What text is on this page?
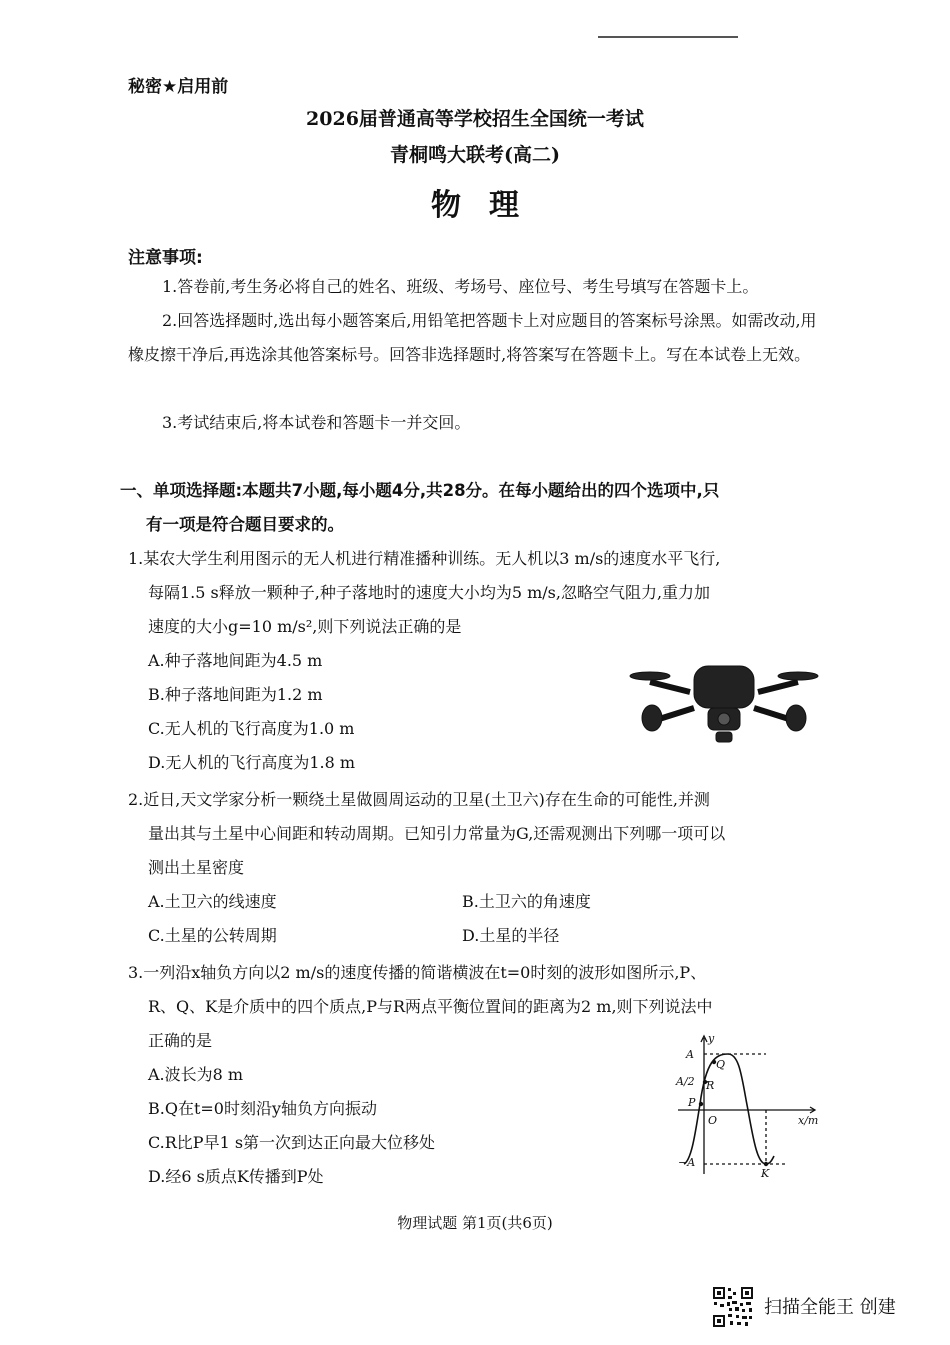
秘密★启用前
2026届普通高等学校招生全国统一考试
青桐鸣大联考(高二)
物理
注意事项:
1.答卷前,考生务必将自己的姓名、班级、考场号、座位号、考生号填写在答题卡上。
2.回答选择题时,选出每小题答案后,用铅笔把答题卡上对应题目的答案标号涂黑。如需改动,用橡皮擦干净后,再选涂其他答案标号。回答非选择题时,将答案写在答题卡上。写在本试卷上无效。
3.考试结束后,将本试卷和答题卡一并交回。
一、单项选择题:本题共7小题,每小题4分,共28分。在每小题给出的四个选项中,只
有一项是符合题目要求的。
1.某农大学生利用图示的无人机进行精准播种训练。无人机以3 m/s的速度水平飞行,
每隔1.5 s释放一颗种子,种子落地时的速度大小均为5 m/s,忽略空气阻力,重力加
速度的大小g=10 m/s²,则下列说法正确的是
A.种子落地间距为4.5 m
B.种子落地间距为1.2 m
C.无人机的飞行高度为1.0 m
D.无人机的飞行高度为1.8 m
2.近日,天文学家分析一颗绕土星做圆周运动的卫星(土卫六)存在生命的可能性,并测
量出其与土星中心间距和转动周期。已知引力常量为G,还需观测出下列哪一项可以
测出土星密度
A.土卫六的线速度	B.土卫六的角速度
C.土星的公转周期	D.土星的半径
3.一列沿x轴负方向以2 m/s的速度传播的简谐横波在t=0时刻的波形如图所示,P、
R、Q、K是介质中的四个质点,P与R两点平衡位置间的距离为2 m,则下列说法中
正确的是
A.波长为8 m
B.Q在t=0时刻沿y轴负方向振动
C.R比P早1 s第一次到达正向最大位移处
D.经6 s质点K传播到P处
y
x/m
A
A/2
−A
O
P
R
Q
K
物理试题 第1页(共6页)
扫描全能王 创建
